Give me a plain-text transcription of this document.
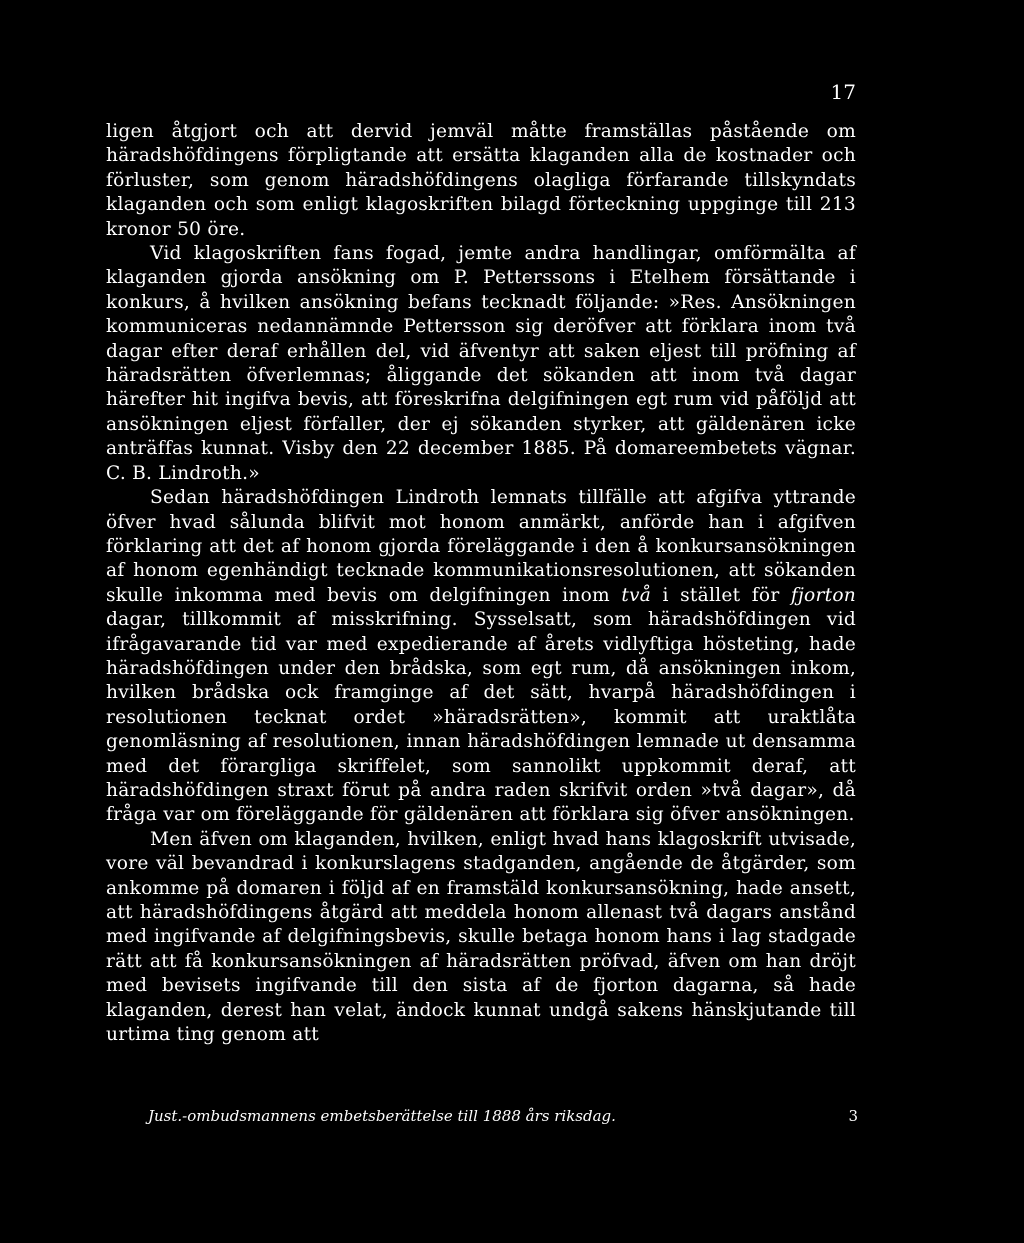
17

ligen åtgjort och att dervid jemväl måtte framställas påstående om häradshöfdingens förpligtande att ersätta klaganden alla de kostnader och förluster, som genom häradshöfdingens olagliga förfarande tillskyndats klaganden och som enligt klagoskriften bilagd förteckning uppginge till 213 kronor 50 öre.

Vid klagoskriften fans fogad, jemte andra handlingar, omförmälta af klaganden gjorda ansökning om P. Petterssons i Etelhem försättande i konkurs, å hvilken ansökning befans tecknadt följande: »Res. Ansökningen kommuniceras nedannämnde Pettersson sig deröfver att förklara inom två dagar efter deraf erhållen del, vid äfventyr att saken eljest till pröfning af häradsrätten öfverlemnas; åliggande det sökanden att inom två dagar härefter hit ingifva bevis, att föreskrifna delgifningen egt rum vid påföljd att ansökningen eljest förfaller, der ej sökanden styrker, att gäldenären icke anträffas kunnat. Visby den 22 december 1885. På domareembetets vägnar. C. B. Lindroth.»

Sedan häradshöfdingen Lindroth lemnats tillfälle att afgifva yttrande öfver hvad sålunda blifvit mot honom anmärkt, anförde han i afgifven förklaring att det af honom gjorda föreläggande i den å konkursansökningen af honom egenhändigt tecknade kommunikationsresolutionen, att sökanden skulle inkomma med bevis om delgifningen inom två i stället för fjorton dagar, tillkommit af misskrifning. Sysselsatt, som häradshöfdingen vid ifrågavarande tid var med expedierande af årets vidlyftiga hösteting, hade häradshöfdingen under den brådska, som egt rum, då ansökningen inkom, hvilken brådska ock framginge af det sätt, hvarpå häradshöfdingen i resolutionen tecknat ordet »häradsrätten», kommit att uraktlåta genomläsning af resolutionen, innan häradshöfdingen lemnade ut densamma med det förargliga skriffelet, som sannolikt uppkommit deraf, att häradshöfdingen straxt förut på andra raden skrifvit orden »två dagar», då fråga var om föreläggande för gäldenären att förklara sig öfver ansökningen.

Men äfven om klaganden, hvilken, enligt hvad hans klagoskrift utvisade, vore väl bevandrad i konkurslagens stadganden, angående de åtgärder, som ankomme på domaren i följd af en framstäld konkursansökning, hade ansett, att häradshöfdingens åtgärd att meddela honom allenast två dagars anstånd med ingifvande af delgifningsbevis, skulle betaga honom hans i lag stadgade rätt att få konkursansökningen af häradsrätten pröfvad, äfven om han dröjt med bevisets ingifvande till den sista af de fjorton dagarna, så hade klaganden, derest han velat, ändock kunnat undgå sakens hänskjutande till urtima ting genom att

Just.-ombudsmannens embetsberättelse till 1888 års riksdag.	3
